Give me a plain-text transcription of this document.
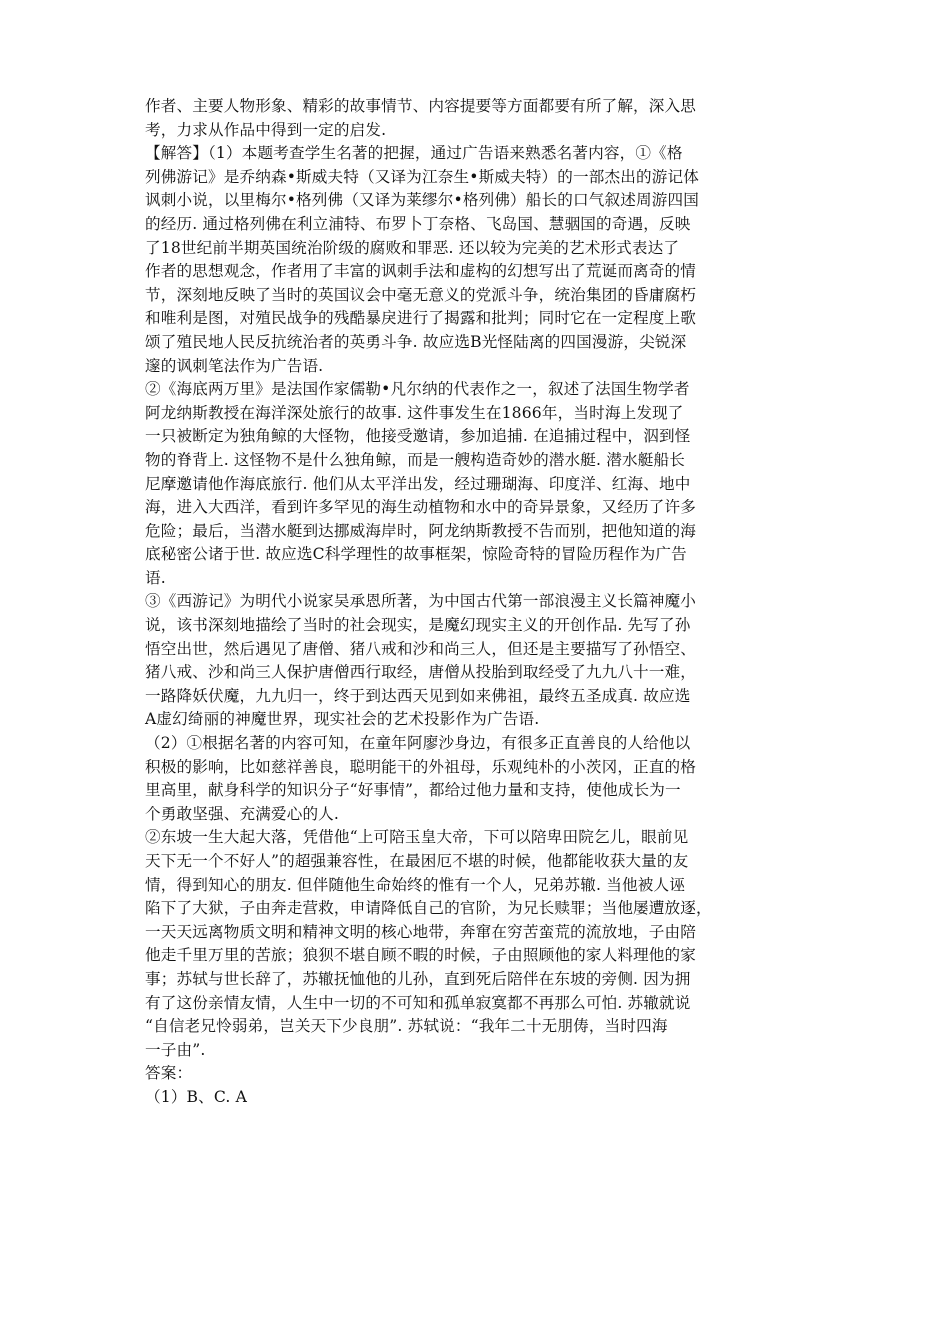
作者、主要人物形象、精彩的故事情节、内容提要等方面都要有所了解，深入思
考，力求从作品中得到一定的启发.
【解答】（1）本题考查学生名著的把握，通过广告语来熟悉名著内容，①《格
列佛游记》是乔纳森•斯威夫特（又译为江奈生•斯威夫特）的一部杰出的游记体
讽刺小说，以里梅尔•格列佛（又译为莱缪尔•格列佛）船长的口气叙述周游四国
的经历. 通过格列佛在利立浦特、布罗卜丁奈格、飞岛国、慧骃国的奇遇，反映
了18世纪前半期英国统治阶级的腐败和罪恶. 还以较为完美的艺术形式表达了
作者的思想观念，作者用了丰富的讽刺手法和虚构的幻想写出了荒诞而离奇的情
节，深刻地反映了当时的英国议会中毫无意义的党派斗争，统治集团的昏庸腐朽
和唯利是图，对殖民战争的残酷暴戾进行了揭露和批判；同时它在一定程度上歌
颂了殖民地人民反抗统治者的英勇斗争. 故应选B光怪陆离的四国漫游，尖锐深
邃的讽刺笔法作为广告语.
②《海底两万里》是法国作家儒勒•凡尔纳的代表作之一，叙述了法国生物学者
阿龙纳斯教授在海洋深处旅行的故事. 这件事发生在1866年，当时海上发现了
一只被断定为独角鲸的大怪物，他接受邀请，参加追捕. 在追捕过程中，泅到怪
物的脊背上. 这怪物不是什么独角鲸，而是一艘构造奇妙的潜水艇. 潜水艇船长
尼摩邀请他作海底旅行. 他们从太平洋出发，经过珊瑚海、印度洋、红海、地中
海，进入大西洋，看到许多罕见的海生动植物和水中的奇异景象，又经历了许多
危险；最后，当潜水艇到达挪威海岸时，阿龙纳斯教授不告而别，把他知道的海
底秘密公诸于世. 故应选C科学理性的故事框架，惊险奇特的冒险历程作为广告
语.
③《西游记》为明代小说家吴承恩所著，为中国古代第一部浪漫主义长篇神魔小
说，该书深刻地描绘了当时的社会现实，是魔幻现实主义的开创作品. 先写了孙
悟空出世，然后遇见了唐僧、猪八戒和沙和尚三人，但还是主要描写了孙悟空、
猪八戒、沙和尚三人保护唐僧西行取经，唐僧从投胎到取经受了九九八十一难，
一路降妖伏魔，九九归一，终于到达西天见到如来佛祖，最终五圣成真. 故应选
A虚幻绮丽的神魔世界，现实社会的艺术投影作为广告语.
（2）①根据名著的内容可知，在童年阿廖沙身边，有很多正直善良的人给他以
积极的影响，比如慈祥善良，聪明能干的外祖母，乐观纯朴的小茨冈，正直的格
里高里，献身科学的知识分子“好事情”，都给过他力量和支持，使他成长为一
个勇敢坚强、充满爱心的人.
②东坡一生大起大落，凭借他“上可陪玉皇大帝，下可以陪卑田院乞儿，眼前见
天下无一个不好人”的超强兼容性，在最困厄不堪的时候，他都能收获大量的友
情，得到知心的朋友. 但伴随他生命始终的惟有一个人，兄弟苏辙. 当他被人诬
陷下了大狱，子由奔走营救，申请降低自己的官阶，为兄长赎罪；当他屡遭放逐，
一天天远离物质文明和精神文明的核心地带，奔窜在穷苦蛮荒的流放地，子由陪
他走千里万里的苦旅；狼狈不堪自顾不暇的时候，子由照顾他的家人料理他的家
事；苏轼与世长辞了，苏辙抚恤他的儿孙，直到死后陪伴在东坡的旁侧. 因为拥
有了这份亲情友情，人生中一切的不可知和孤单寂寞都不再那么可怕. 苏辙就说
“自信老兄怜弱弟，岂关天下少良朋”. 苏轼说：“我年二十无朋俦，当时四海
一子由”.
答案：
（1）B、C. A
